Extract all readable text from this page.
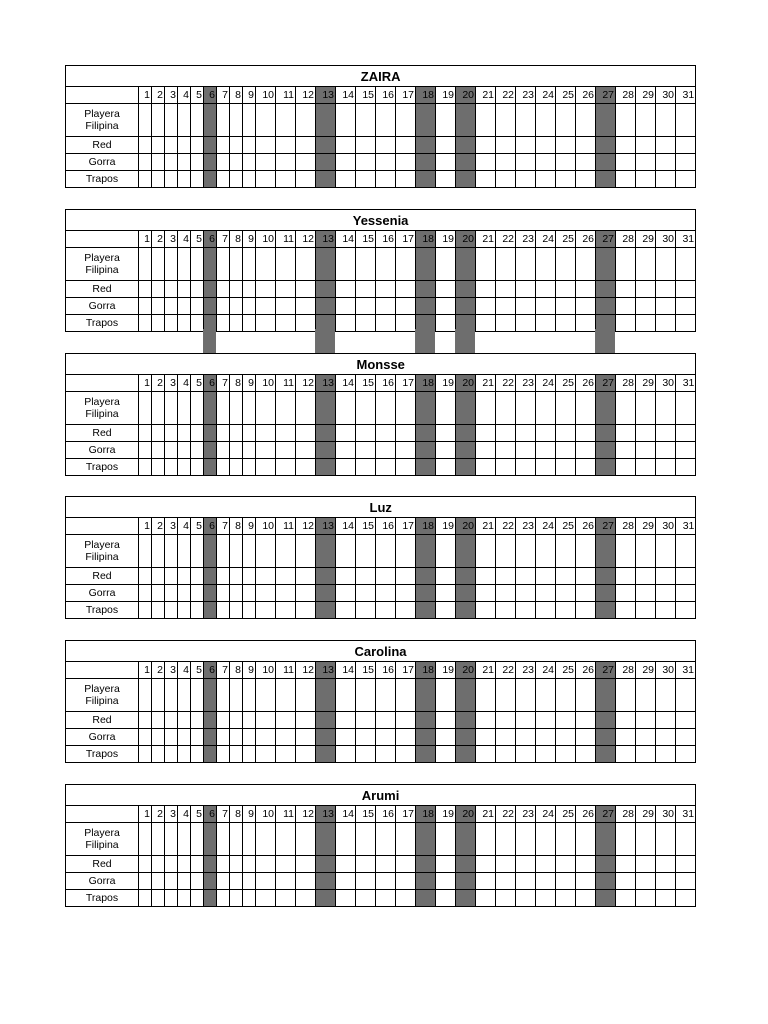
ZAIRA																															
	1	2	3	4	5	6	7	8	9	10	11	12	13	14	15	16	17	18	19	20	21	22	23	24	25	26	27	28	29	30	31

Playera
Filipina																															

Red																															

Gorra																															

Trapos																															

Yessenia																															
	1	2	3	4	5	6	7	8	9	10	11	12	13	14	15	16	17	18	19	20	21	22	23	24	25	26	27	28	29	30	31

Playera
Filipina																															

Red																															

Gorra																															

Trapos																															

Monsse																															
	1	2	3	4	5	6	7	8	9	10	11	12	13	14	15	16	17	18	19	20	21	22	23	24	25	26	27	28	29	30	31

Playera
Filipina																															

Red																															

Gorra																															

Trapos																															

Luz																															
	1	2	3	4	5	6	7	8	9	10	11	12	13	14	15	16	17	18	19	20	21	22	23	24	25	26	27	28	29	30	31

Playera
Filipina																															

Red																															

Gorra																															

Trapos																															

Carolina																															
	1	2	3	4	5	6	7	8	9	10	11	12	13	14	15	16	17	18	19	20	21	22	23	24	25	26	27	28	29	30	31

Playera
Filipina																															

Red																															

Gorra																															

Trapos																															

Arumi																															
	1	2	3	4	5	6	7	8	9	10	11	12	13	14	15	16	17	18	19	20	21	22	23	24	25	26	27	28	29	30	31

Playera
Filipina																															

Red																															

Gorra																															

Trapos																															
